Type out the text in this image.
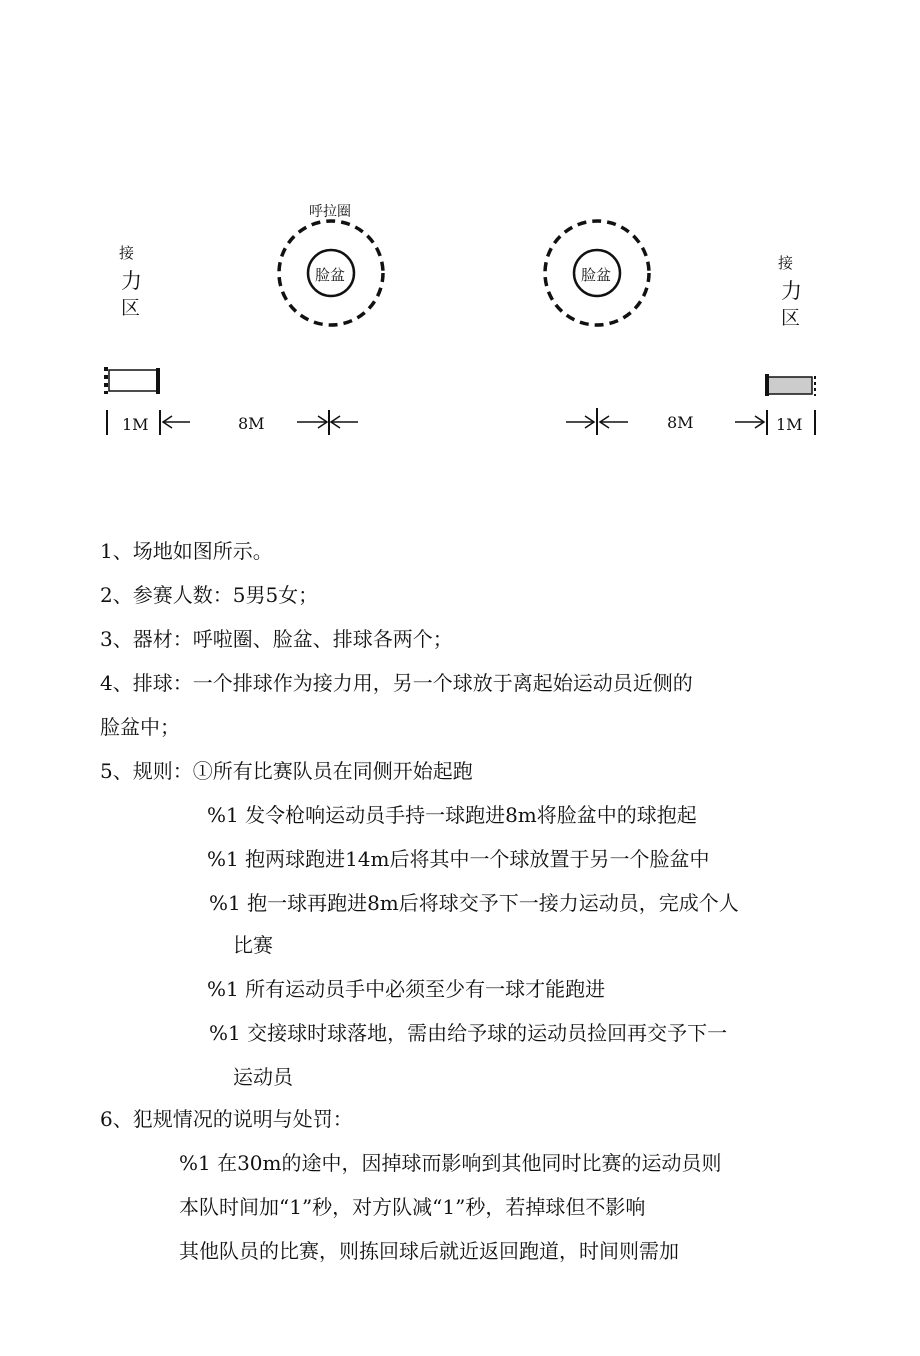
呼拉圈
脸盆	脸盆
接
力
区
接
力
区
1M	8M	8M	1M
1、场地如图所示。
2、参赛人数：5男5女；
3、器材：呼啦圈、脸盆、排球各两个；
4、排球：一个排球作为接力用，另一个球放于离起始运动员近侧的
脸盆中；
5、规则：①所有比赛队员在同侧开始起跑
%1 发令枪响运动员手持一球跑进8m将脸盆中的球抱起
%1 抱两球跑进14m后将其中一个球放置于另一个脸盆中
%1 抱一球再跑进8m后将球交予下一接力运动员，完成个人
比赛
%1 所有运动员手中必须至少有一球才能跑进
%1 交接球时球落地，需由给予球的运动员捡回再交予下一
运动员
6、犯规情况的说明与处罚：
%1 在30m的途中，因掉球而影响到其他同时比赛的运动员则
本队时间加“1”秒，对方队减“1”秒，若掉球但不影响
其他队员的比赛，则拣回球后就近返回跑道，时间则需加
